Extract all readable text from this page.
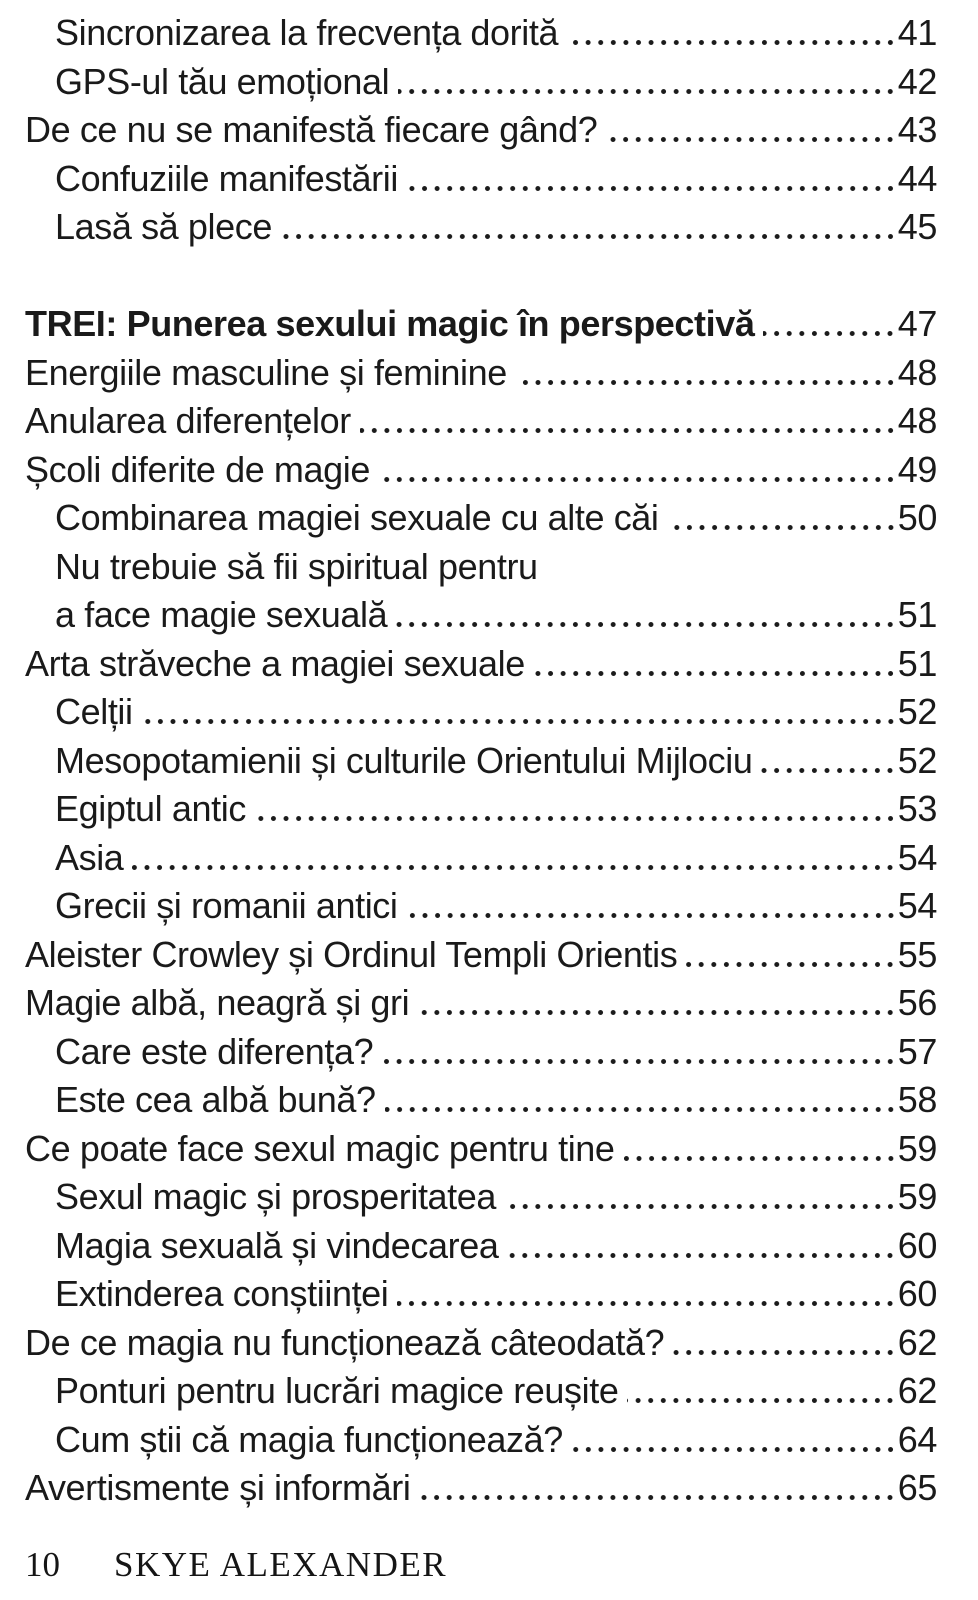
Sincronizarea la frecvența dorită	41
GPS-ul tău emoțional	42
De ce nu se manifestă fiecare gând?	43
Confuziile manifestării	44
Lasă să plece	45
TREI: Punerea sexului magic în perspectivă	47
Energiile masculine și feminine	48
Anularea diferențelor	48
Școli diferite de magie	49
Combinarea magiei sexuale cu alte căi	50
Nu trebuie să fii spiritual pentru
a face magie sexuală	51
Arta străveche a magiei sexuale	51
Celții	52
Mesopotamienii și culturile Orientului Mijlociu	52
Egiptul antic	53
Asia	54
Grecii și romanii antici	54
Aleister Crowley și Ordinul Templi Orientis	55
Magie albă, neagră și gri	56
Care este diferența?	57
Este cea albă bună?	58
Ce poate face sexul magic pentru tine	59
Sexul magic și prosperitatea	59
Magia sexuală și vindecarea	60
Extinderea conștiinței	60
De ce magia nu funcționează câteodată?	62
Ponturi pentru lucrări magice reușite	62
Cum știi că magia funcționează?	64
Avertismente și informări	65
10 SKYE ALEXANDER
